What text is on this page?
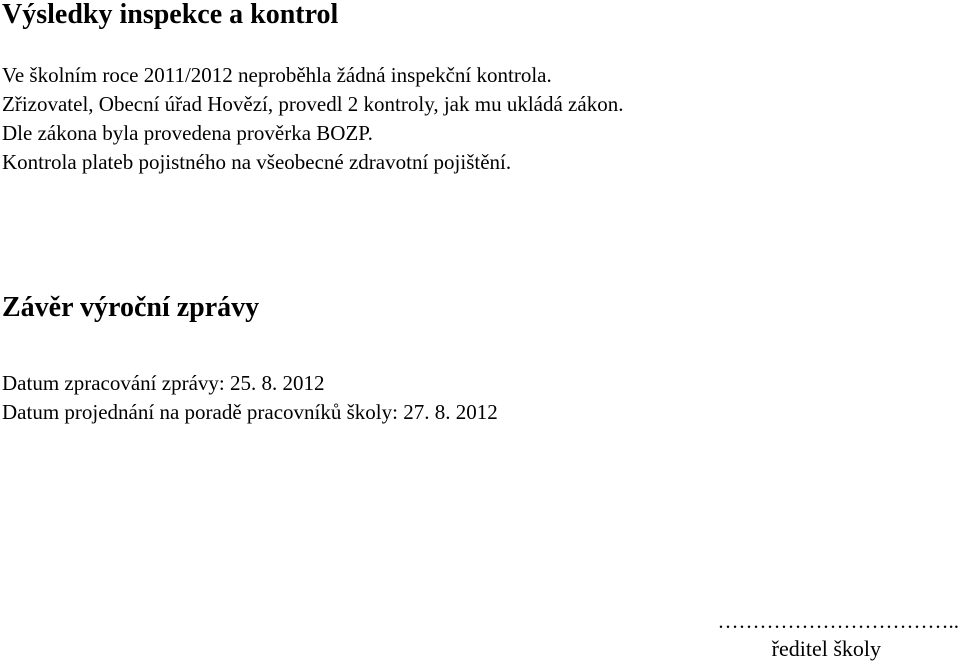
Výsledky inspekce a kontrol
Ve školním roce 2011/2012 neproběhla žádná inspekční kontrola.
Zřizovatel, Obecní úřad Hovězí, provedl 2 kontroly, jak mu ukládá zákon.
Dle zákona byla provedena prověrka BOZP.
Kontrola plateb pojistného na všeobecné zdravotní pojištění.
Závěr výroční zprávy
Datum zpracování zprávy: 25. 8. 2012
Datum projednání na poradě pracovníků školy: 27. 8. 2012
……………………………..
ředitel školy
